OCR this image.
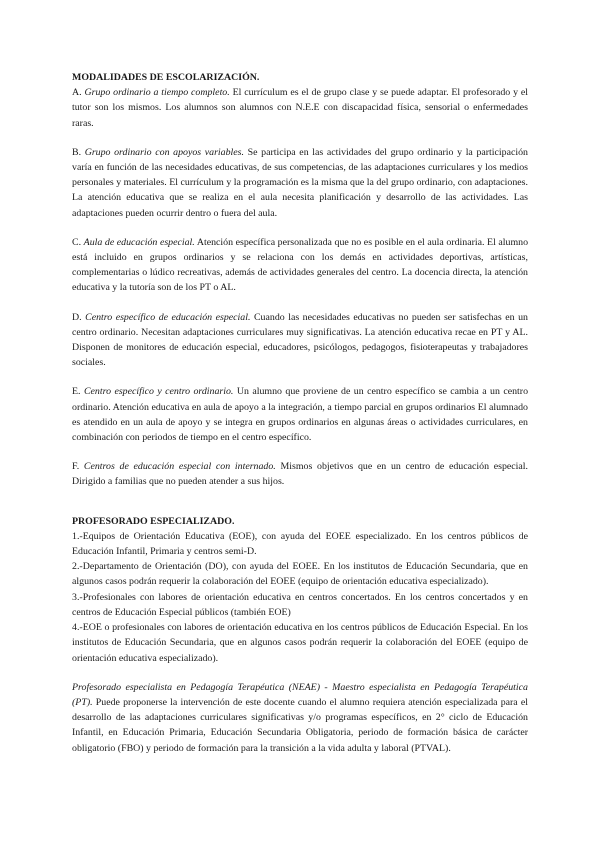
MODALIDADES DE ESCOLARIZACIÓN.

A. Grupo ordinario a tiempo completo. El currículum es el de grupo clase y se puede adaptar. El profesorado y el tutor son los mismos. Los alumnos son alumnos con N.E.E con discapacidad física, sensorial o enfermedades raras.

B. Grupo ordinario con apoyos variables. Se participa en las actividades del grupo ordinario y la participación varía en función de las necesidades educativas, de sus competencias, de las adaptaciones curriculares y los medios personales y materiales. El currículum y la programación es la misma que la del grupo ordinario, con adaptaciones. La atención educativa que se realiza en el aula necesita planificación y desarrollo de las actividades. Las adaptaciones pueden ocurrir dentro o fuera del aula.

C. Aula de educación especial. Atención específica personalizada que no es posible en el aula ordinaria. El alumno está incluido en grupos ordinarios y se relaciona con los demás en actividades deportivas, artísticas, complementarias o lúdico recreativas, además de actividades generales del centro. La docencia directa, la atención educativa y la tutoría son de los PT o AL.

D. Centro específico de educación especial. Cuando las necesidades educativas no pueden ser satisfechas en un centro ordinario. Necesitan adaptaciones curriculares muy significativas. La atención educativa recae en PT y AL. Disponen de monitores de educación especial, educadores, psicólogos, pedagogos, fisioterapeutas y trabajadores sociales.

E. Centro específico y centro ordinario. Un alumno que proviene de un centro específico se cambia a un centro ordinario. Atención educativa en aula de apoyo a la integración, a tiempo parcial en grupos ordinarios El alumnado es atendido en un aula de apoyo y se integra en grupos ordinarios en algunas áreas o actividades curriculares, en combinación con periodos de tiempo en el centro específico.

F. Centros de educación especial con internado. Mismos objetivos que en un centro de educación especial. Dirigido a familias que no pueden atender a sus hijos.

PROFESORADO ESPECIALIZADO.

1.-Equipos de Orientación Educativa (EOE), con ayuda del EOEE especializado. En los centros públicos de Educación Infantil, Primaria y centros semi-D.

2.-Departamento de Orientación (DO), con ayuda del EOEE. En los institutos de Educación Secundaria, que en algunos casos podrán requerir la colaboración del EOEE (equipo de orientación educativa especializado).

3.-Profesionales con labores de orientación educativa en centros concertados. En los centros concertados y en centros de Educación Especial públicos (también EOE)

4.-EOE o profesionales con labores de orientación educativa en los centros públicos de Educación Especial. En los institutos de Educación Secundaria, que en algunos casos podrán requerir la colaboración del EOEE (equipo de orientación educativa especializado).

Profesorado especialista en Pedagogía Terapéutica (NEAE) - Maestro especialista en Pedagogía Terapéutica (PT). Puede proponerse la intervención de este docente cuando el alumno requiera atención especializada para el desarrollo de las adaptaciones curriculares significativas y/o programas específicos, en 2° ciclo de Educación Infantil, en Educación Primaria, Educación Secundaria Obligatoria, periodo de formación básica de carácter obligatorio (FBO) y periodo de formación para la transición a la vida adulta y laboral (PTVAL).
